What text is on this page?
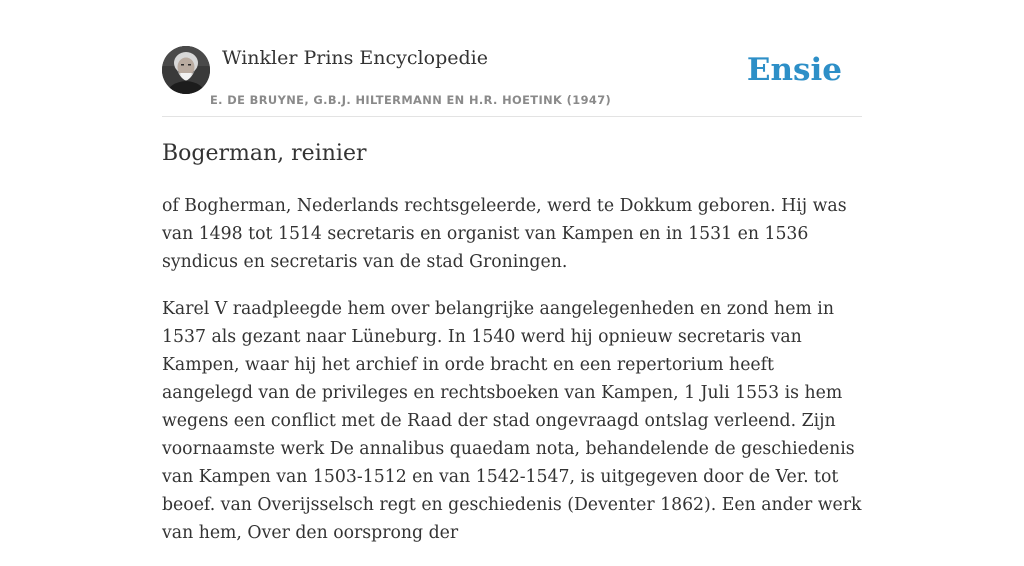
Winkler Prins Encyclopedie
E. DE BRUYNE, G.B.J. HILTERMANN EN H.R. HOETINK (1947)
Ensie
Bogerman, reinier

of Bogherman, Nederlands rechtsgeleerde, werd te Dokkum geboren. Hij was van 1498 tot 1514 secretaris en organist van Kampen en in 1531 en 1536 syndicus en secretaris van de stad Groningen.

Karel V raadpleegde hem over belangrijke aangelegenheden en zond hem in 1537 als gezant naar Lüneburg. In 1540 werd hij opnieuw secretaris van Kampen, waar hij het archief in orde bracht en een repertorium heeft aangelegd van de privileges en rechtsboeken van Kampen, 1 Juli 1553 is hem wegens een conflict met de Raad der stad ongevraagd ontslag verleend. Zijn voornaamste werk De annalibus quaedam nota, behandelende de geschiedenis van Kampen van 1503-1512 en van 1542-1547, is uitgegeven door de Ver. tot beoef. van Overijsselsch regt en geschiedenis (Deventer 1862). Een ander werk van hem, Over den oorsprong der
